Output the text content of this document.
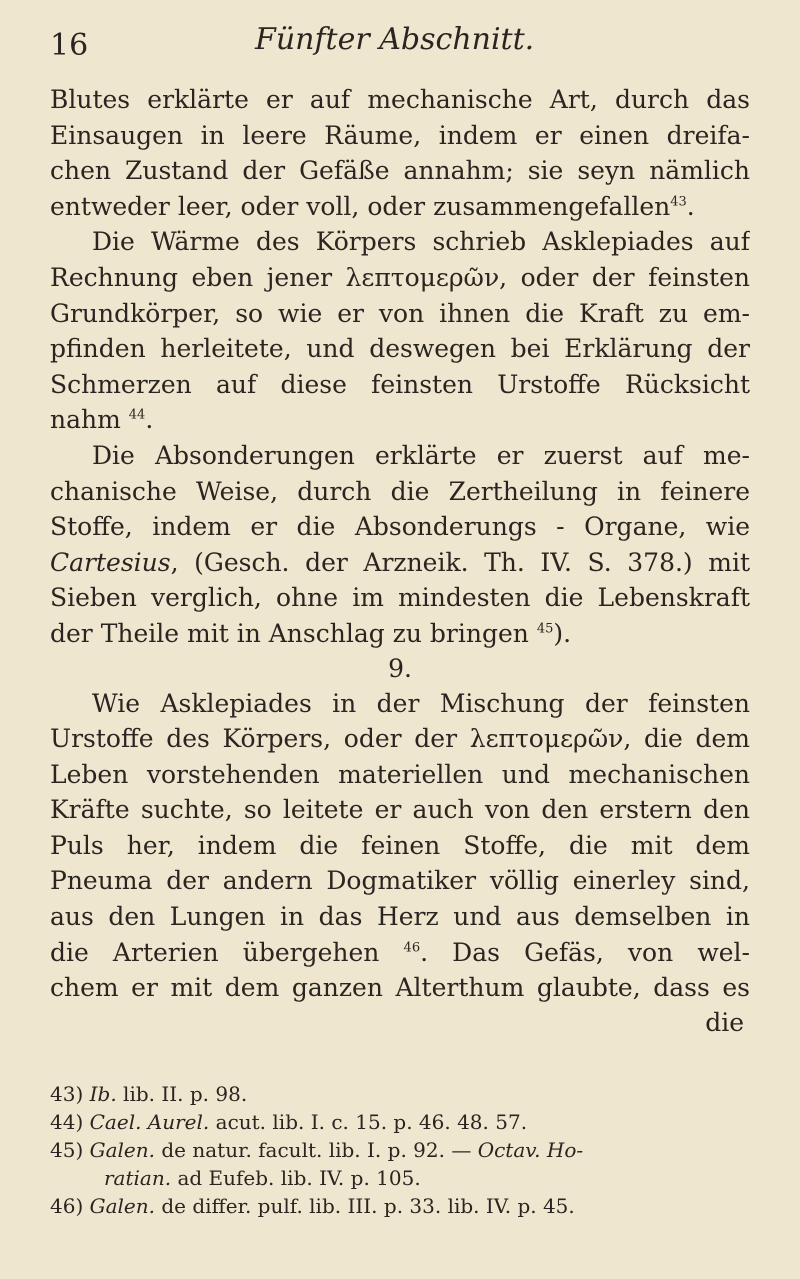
16	Fünfter Abschnitt.
Blutes erklärte er auf mechanische Art, durch das
Einsaugen in leere Räume, indem er einen dreifa-
chen Zustand der Gefäße annahm; sie seyn nämlich
entweder leer, oder voll, oder zusammengefallen$^{43}$.
Die Wärme des Körpers schrieb Asklepiades auf
Rechnung eben jener λεπτομερῶν, oder der feinsten
Grundkörper, so wie er von ihnen die Kraft zu em-
pfinden herleitete, und deswegen bei Erklärung der
Schmerzen auf diese feinsten Urstoffe Rücksicht
nahm $^{44}$.
Die Absonderungen erklärte er zuerst auf me-
chanische Weise, durch die Zertheilung in feinere
Stoffe, indem er die Absonderungs - Organe, wie
Cartesius, (Gesch. der Arzneik. Th. IV. S. 378.) mit
Sieben verglich, ohne im mindesten die Lebenskraft
der Theile mit in Anschlag zu bringen $^{45}$).
9.
Wie Asklepiades in der Mischung der feinsten
Urstoffe des Körpers, oder der λεπτομερῶν, die dem
Leben vorstehenden materiellen und mechanischen
Kräfte suchte, so leitete er auch von den erstern den
Puls her, indem die feinen Stoffe, die mit dem
Pneuma der andern Dogmatiker völlig einerley sind,
aus den Lungen in das Herz und aus demselben in
die Arterien übergehen $^{46}$. Das Gefäs, von wel-
chem er mit dem ganzen Alterthum glaubte, dass es
die
43) Ib. lib. II. p. 98.
44) Cael. Aurel. acut. lib. I. c. 15. p. 46. 48. 57.
45) Galen. de natur. facult. lib. I. p. 92. — Octav. Ho-
ratian. ad Eufeb. lib. IV. p. 105.
46) Galen. de differ. pulf. lib. III. p. 33. lib. IV. p. 45.
